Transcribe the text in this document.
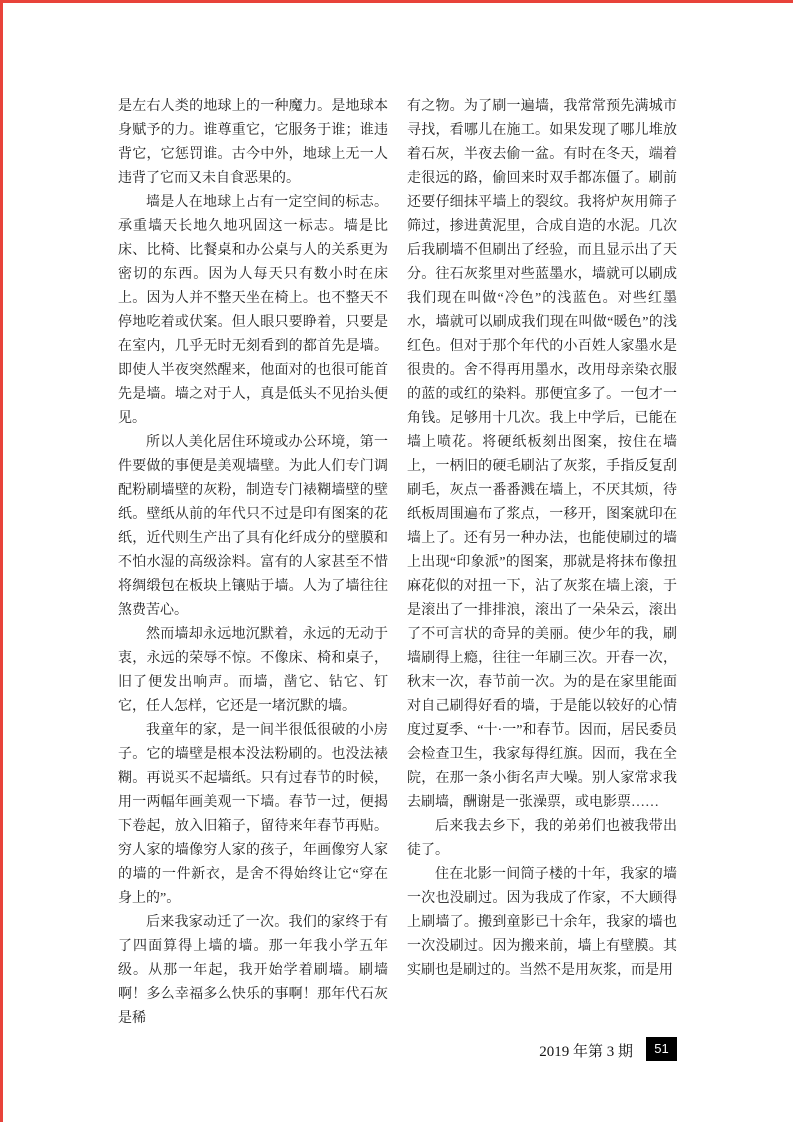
是左右人类的地球上的一种魔力。是地球本身赋予的力。谁尊重它，它服务于谁；谁违背它，它惩罚谁。古今中外，地球上无一人违背了它而又未自食恶果的。

墙是人在地球上占有一定空间的标志。承重墙天长地久地巩固这一标志。墙是比床、比椅、比餐桌和办公桌与人的关系更为密切的东西。因为人每天只有数小时在床上。因为人并不整天坐在椅上。也不整天不停地吃着或伏案。但人眼只要睁着，只要是在室内，几乎无时无刻看到的都首先是墙。即使人半夜突然醒来，他面对的也很可能首先是墙。墙之对于人，真是低头不见抬头便见。

所以人美化居住环境或办公环境，第一件要做的事便是美观墙壁。为此人们专门调配粉刷墙壁的灰粉，制造专门裱糊墙壁的壁纸。壁纸从前的年代只不过是印有图案的花纸，近代则生产出了具有化纤成分的壁膜和不怕水湿的高级涂料。富有的人家甚至不惜将绸缎包在板块上镶贴于墙。人为了墙往往煞费苦心。

然而墙却永远地沉默着，永远的无动于衷，永远的荣辱不惊。不像床、椅和桌子，旧了便发出响声。而墙，凿它、钻它、钉它，任人怎样，它还是一堵沉默的墙。

我童年的家，是一间半很低很破的小房子。它的墙壁是根本没法粉刷的。也没法裱糊。再说买不起墙纸。只有过春节的时候，用一两幅年画美观一下墙。春节一过，便揭下卷起，放入旧箱子，留待来年春节再贴。穷人家的墙像穷人家的孩子，年画像穷人家的墙的一件新衣，是舍不得始终让它“穿在身上的”。

后来我家动迁了一次。我们的家终于有了四面算得上墙的墙。那一年我小学五年级。从那一年起，我开始学着刷墙。刷墙啊！多么幸福多么快乐的事啊！那年代石灰是稀

有之物。为了刷一遍墙，我常常预先满城市寻找，看哪儿在施工。如果发现了哪儿堆放着石灰，半夜去偷一盆。有时在冬天，端着走很远的路，偷回来时双手都冻僵了。刷前还要仔细抹平墙上的裂纹。我将炉灰用筛子筛过，掺进黄泥里，合成自造的水泥。几次后我刷墙不但刷出了经验，而且显示出了天分。往石灰浆里对些蓝墨水，墙就可以刷成我们现在叫做“冷色”的浅蓝色。对些红墨水，墙就可以刷成我们现在叫做“暖色”的浅红色。但对于那个年代的小百姓人家墨水是很贵的。舍不得再用墨水，改用母亲染衣服的蓝的或红的染料。那便宜多了。一包才一角钱。足够用十几次。我上中学后，已能在墙上喷花。将硬纸板刻出图案，按住在墙上，一柄旧的硬毛刷沾了灰浆，手指反复刮刷毛，灰点一番番溅在墙上，不厌其烦，待纸板周围遍布了浆点，一移开，图案就印在墙上了。还有另一种办法，也能使刷过的墙上出现“印象派”的图案，那就是将抹布像扭麻花似的对扭一下，沾了灰浆在墙上滚，于是滚出了一排排浪，滚出了一朵朵云，滚出了不可言状的奇异的美丽。使少年的我，刷墙刷得上瘾，往往一年刷三次。开春一次，秋末一次，春节前一次。为的是在家里能面对自己刷得好看的墙，于是能以较好的心情度过夏季、“十·一”和春节。因而，居民委员会检查卫生，我家每得红旗。因而，我在全院，在那一条小街名声大噪。别人家常求我去刷墙，酬谢是一张澡票，或电影票……

后来我去乡下，我的弟弟们也被我带出徒了。

住在北影一间筒子楼的十年，我家的墙一次也没刷过。因为我成了作家，不大顾得上刷墙了。搬到童影已十余年，我家的墙也一次没刷过。因为搬来前，墙上有壁膜。其实刷也是刷过的。当然不是用灰浆，而是用

2019 年第 3 期	51
